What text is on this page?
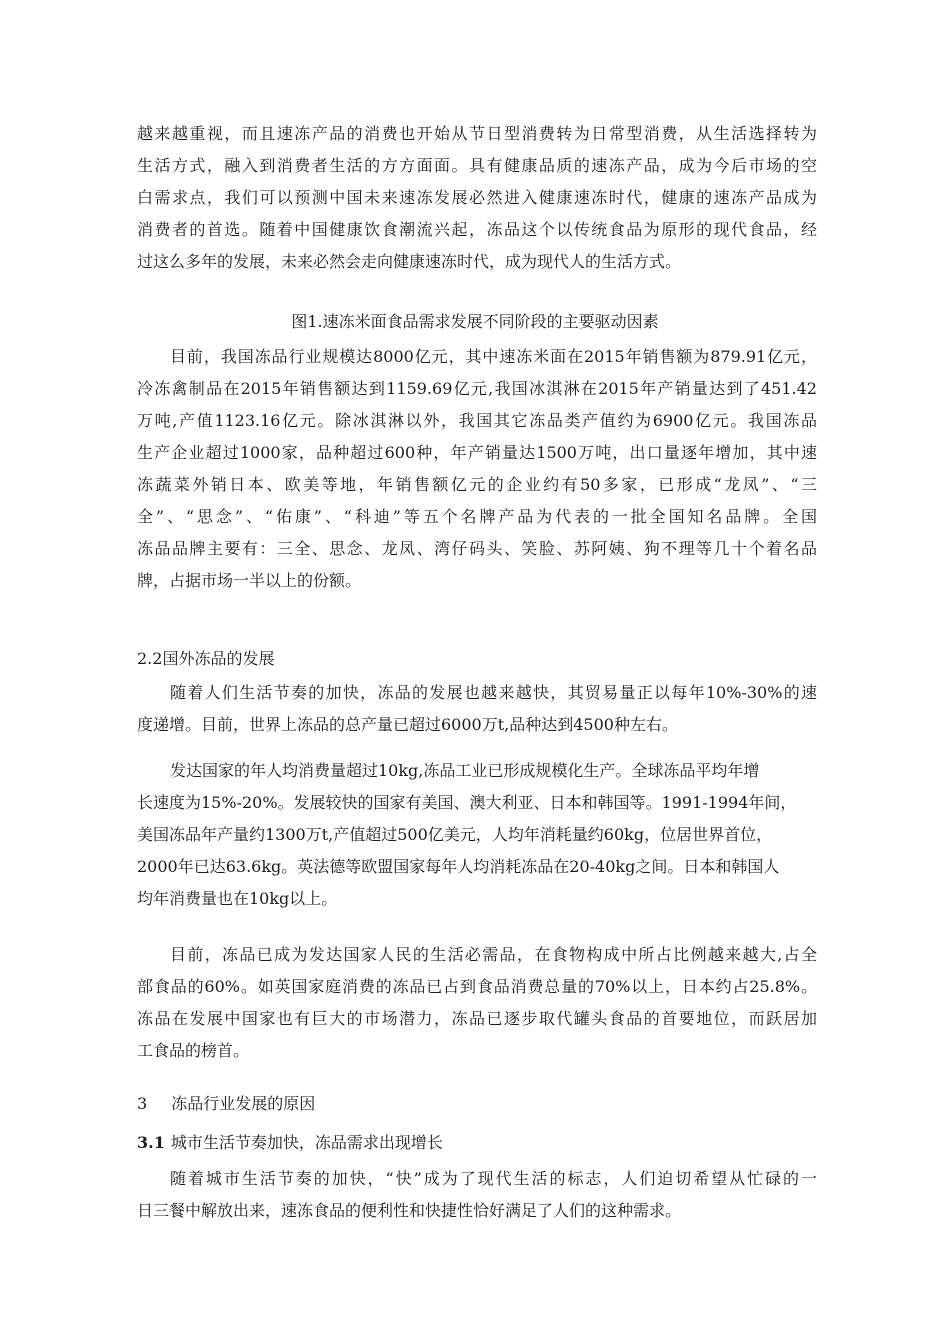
越来越重视，而且速冻产品的消费也开始从节日型消费转为日常型消费，从生活选择转为
生活方式，融入到消费者生活的方方面面。具有健康品质的速冻产品，成为今后市场的空
白需求点，我们可以预测中国未来速冻发展必然进入健康速冻时代，健康的速冻产品成为
消费者的首选。随着中国健康饮食潮流兴起，冻品这个以传统食品为原形的现代食品，经
过这么多年的发展，未来必然会走向健康速冻时代，成为现代人的生活方式。
图1.速冻米面食品需求发展不同阶段的主要驱动因素
目前，我国冻品行业规模达8000亿元，其中速冻米面在2015年销售额为879.91亿元，
冷冻禽制品在2015年销售额达到1159.69亿元,我国冰淇淋在2015年产销量达到了451.42
万吨,产值1123.16亿元。除冰淇淋以外，我国其它冻品类产值约为6900亿元。我国冻品
生产企业超过1000家，品种超过600种，年产销量达1500万吨，出口量逐年增加，其中速
冻蔬菜外销日本、欧美等地，年销售额亿元的企业约有50多家，已形成“龙凤”、“三
全”、“思念”、“佑康”、“科迪”等五个名牌产品为代表的一批全国知名品牌。全国
冻品品牌主要有：三全、思念、龙凤、湾仔码头、笑脸、苏阿姨、狗不理等几十个着名品
牌，占据市场一半以上的份额。
2.2国外冻品的发展
随着人们生活节奏的加快，冻品的发展也越来越快，其贸易量正以每年10%-30%的速
度递增。目前，世界上冻品的总产量已超过6000万t,品种达到4500种左右。
发达国家的年人均消费量超过10kg,冻品工业已形成规模化生产。全球冻品平均年增
长速度为15%-20%。发展较快的国家有美国、澳大利亚、日本和韩国等。1991-1994年间，
美国冻品年产量约1300万t,产值超过500亿美元，人均年消耗量约60kg，位居世界首位，
2000年已达63.6kg。英法德等欧盟国家每年人均消耗冻品在20-40kg之间。日本和韩国人
均年消费量也在10kg以上。
目前，冻品已成为发达国家人民的生活必需品，在食物构成中所占比例越来越大,占全
部食品的60%。如英国家庭消费的冻品已占到食品消费总量的70%以上，日本约占25.8%。
冻品在发展中国家也有巨大的市场潜力，冻品已逐步取代罐头食品的首要地位，而跃居加
工食品的榜首。
3 冻品行业发展的原因
3.1 城市生活节奏加快，冻品需求出现增长
随着城市生活节奏的加快，“快”成为了现代生活的标志，人们迫切希望从忙碌的一
日三餐中解放出来，速冻食品的便利性和快捷性恰好满足了人们的这种需求。
